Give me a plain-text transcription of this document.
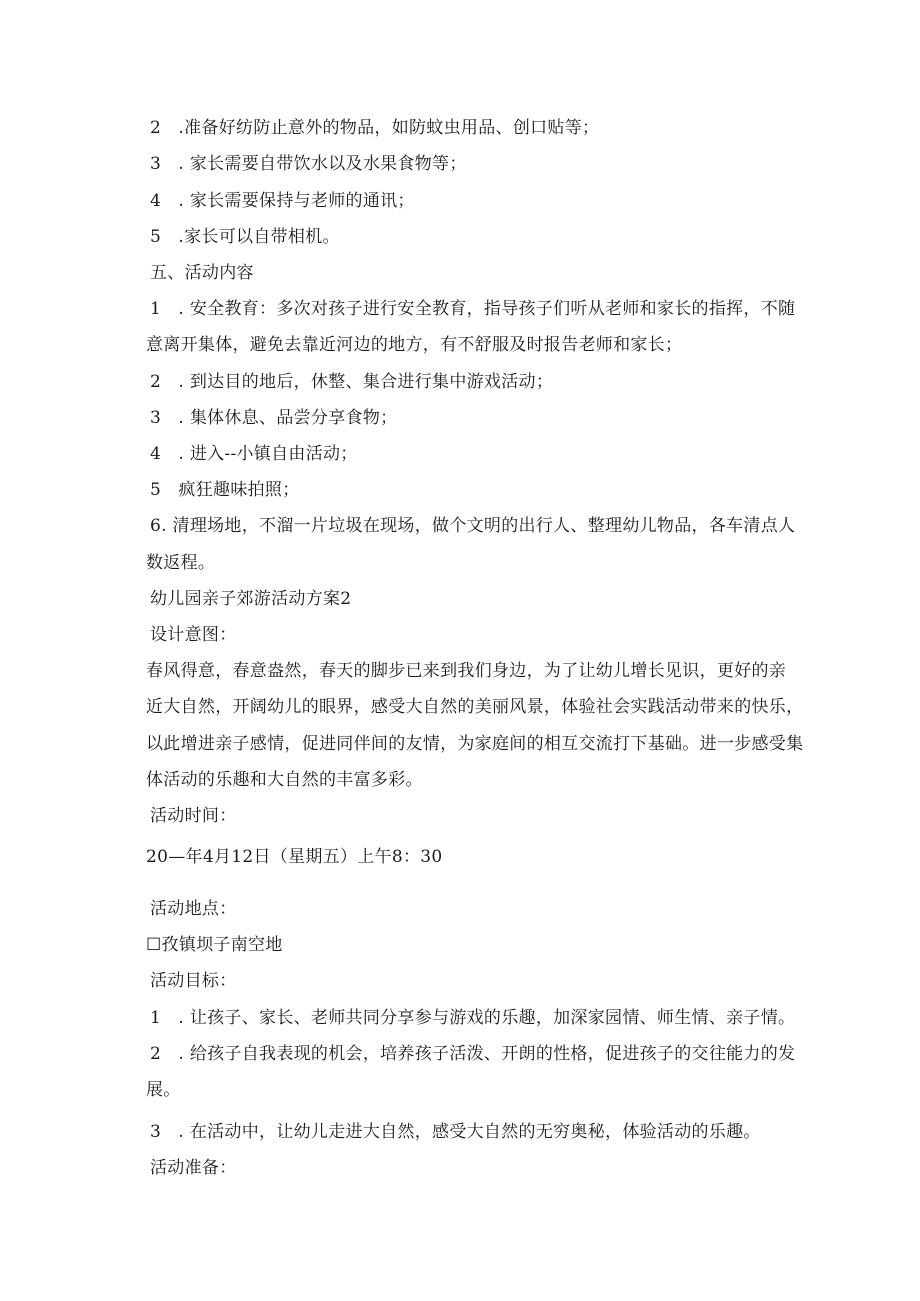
2　.准备好纺防止意外的物品，如防蚊虫用品、创口贴等；
3　. 家长需要自带饮水以及水果食物等；
4　. 家长需要保持与老师的通讯；
5　.家长可以自带相机。
五、活动内容
1　. 安全教育：多次对孩子进行安全教育，指导孩子们听从老师和家长的指挥，不随
意离开集体，避免去靠近河边的地方，有不舒服及时报告老师和家长；
2　. 到达目的地后，休整、集合进行集中游戏活动；
3　. 集体休息、品尝分享食物；
4　. 进入--小镇自由活动；
5　疯狂趣味拍照；
6. 清理场地，不溜一片垃圾在现场，做个文明的出行人、整理幼儿物品，各车清点人
数返程。
幼儿园亲子郊游活动方案2
设计意图：
春风得意，春意盎然，春天的脚步已来到我们身边，为了让幼儿增长见识，更好的亲
近大自然，开阔幼儿的眼界，感受大自然的美丽风景，体验社会实践活动带来的快乐，
以此增进亲子感情，促进同伴间的友情，为家庭间的相互交流打下基础。进一步感受集
体活动的乐趣和大自然的丰富多彩。
活动时间：
20—年4月12日（星期五）上午8：30
活动地点：
☐孜镇坝子南空地
活动目标：
1　. 让孩子、家长、老师共同分享参与游戏的乐趣，加深家园情、师生情、亲子情。
2　. 给孩子自我表现的机会，培养孩子活泼、开朗的性格，促进孩子的交往能力的发
展。
3　. 在活动中，让幼儿走进大自然，感受大自然的无穷奥秘，体验活动的乐趣。
活动准备：
